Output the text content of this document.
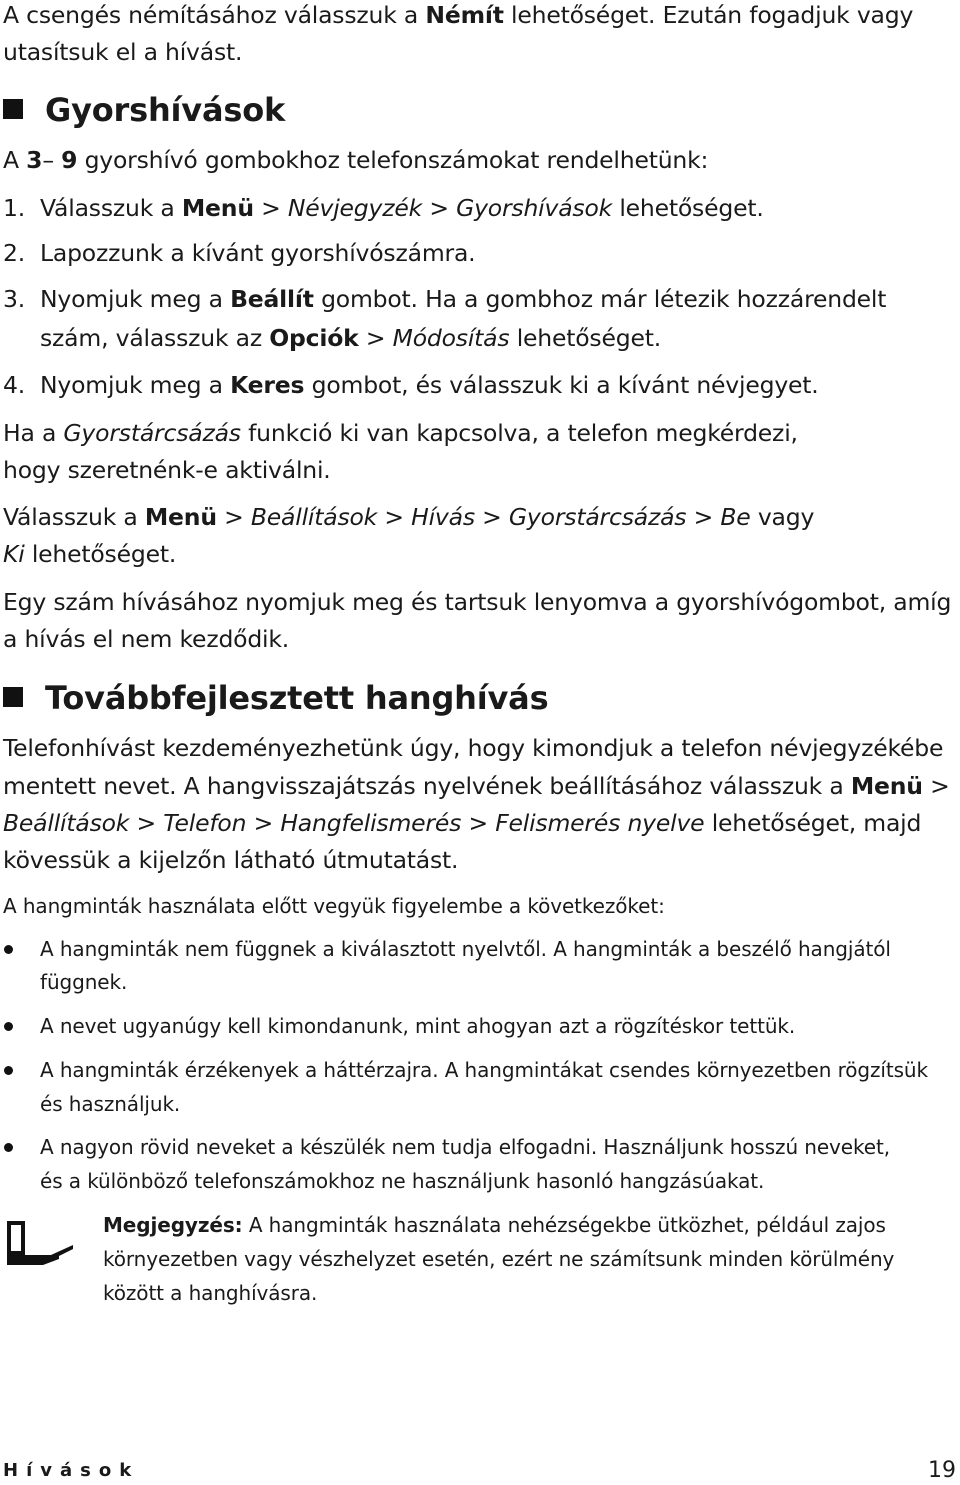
A csengés némításához válasszuk a Némít lehetőséget. Ezután fogadjuk vagy

utasítsuk el a hívást.

Gyorshívások

A 3– 9 gyorshívó gombokhoz telefonszámokat rendelhetünk:

1. Válasszuk a Menü > Névjegyzék > Gyorshívások lehetőséget.

2. Lapozzunk a kívánt gyorshívószámra.

3. Nyomjuk meg a Beállít gombot. Ha a gombhoz már létezik hozzárendelt

szám, válasszuk az Opciók > Módosítás lehetőséget.

4. Nyomjuk meg a Keres gombot, és válasszuk ki a kívánt névjegyet.

Ha a Gyorstárcsázás funkció ki van kapcsolva, a telefon megkérdezi,

hogy szeretnénk-e aktiválni.

Válasszuk a Menü > Beállítások > Hívás > Gyorstárcsázás > Be vagy

Ki lehetőséget.

Egy szám hívásához nyomjuk meg és tartsuk lenyomva a gyorshívógombot, amíg

a hívás el nem kezdődik.

Továbbfejlesztett hanghívás

Telefonhívást kezdeményezhetünk úgy, hogy kimondjuk a telefon névjegyzékébe

mentett nevet. A hangvisszajátszás nyelvének beállításához válasszuk a Menü >

Beállítások > Telefon > Hangfelismerés > Felismerés nyelve lehetőséget, majd

kövessük a kijelzőn látható útmutatást.

A hangminták használata előtt vegyük figyelembe a következőket:

A hangminták nem függnek a kiválasztott nyelvtől. A hangminták a beszélő hangjától

függnek.

A nevet ugyanúgy kell kimondanunk, mint ahogyan azt a rögzítéskor tettük.

A hangminták érzékenyek a háttérzajra. A hangmintákat csendes környezetben rögzítsük

és használjuk.

A nagyon rövid neveket a készülék nem tudja elfogadni. Használjunk hosszú neveket,

és a különböző telefonszámokhoz ne használjunk hasonló hangzásúakat.

Megjegyzés: A hangminták használata nehézségekbe ütközhet, például zajos

környezetben vagy vészhelyzet esetén, ezért ne számítsunk minden körülmény

között a hanghívásra.

Hívások	19
